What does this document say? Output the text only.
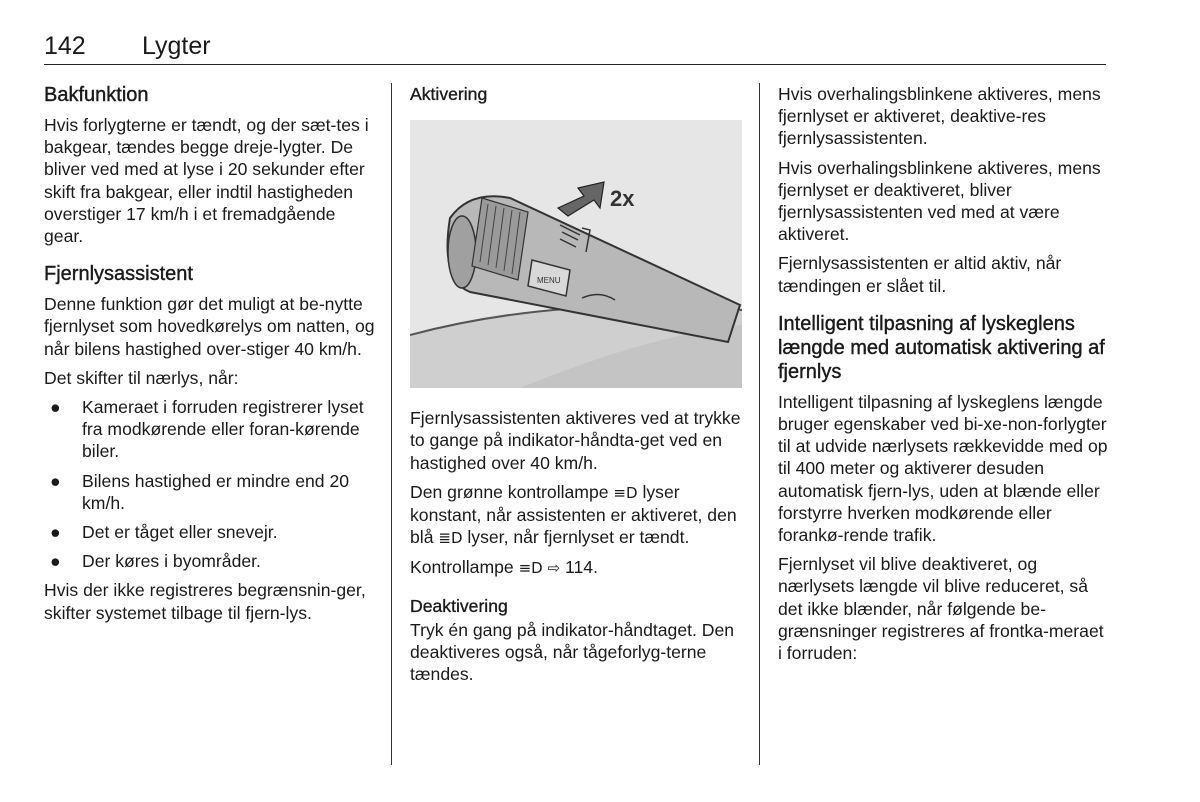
142 Lygter
Bakfunktion

Hvis forlygterne er tændt, og der sæt-tes i bakgear, tændes begge dreje-lygter. De bliver ved med at lyse i 20 sekunder efter skift fra bakgear, eller indtil hastigheden overstiger 17 km/h i et fremadgående gear.

Fjernlysassistent

Denne funktion gør det muligt at be-nytte fjernlyset som hovedkørelys om natten, og når bilens hastighed over-stiger 40 km/h.

Det skifter til nærlys, når:

● Kameraet i forruden registrerer lyset fra modkørende eller foran-kørende biler.
● Bilens hastighed er mindre end 20 km/h.
● Det er tåget eller snevejr.
● Der køres i byområder.

Hvis der ikke registreres begrænsnin-ger, skifter systemet tilbage til fjern-lys.

Aktivering
MENU
2x

Fjernlysassistenten aktiveres ved at trykke to gange på indikator-håndta-get ved en hastighed over 40 km/h.

Den grønne kontrollampe ≡D lyser konstant, når assistenten er aktiveret, den blå ≣D lyser, når fjernlyset er tændt.

Kontrollampe ≡D ⇨ 114.

Deaktivering

Tryk én gang på indikator-håndtaget. Den deaktiveres også, når tågeforlyg-terne tændes.

Hvis overhalingsblinkene aktiveres, mens fjernlyset er aktiveret, deaktive-res fjernlysassistenten.

Hvis overhalingsblinkene aktiveres, mens fjernlyset er deaktiveret, bliver fjernlysassistenten ved med at være aktiveret.

Fjernlysassistenten er altid aktiv, når tændingen er slået til.

Intelligent tilpasning af lyskeglens længde med automatisk aktivering af fjernlys

Intelligent tilpasning af lyskeglens længde bruger egenskaber ved bi-xe-non-forlygter til at udvide nærlysets rækkevidde med op til 400 meter og aktiverer desuden automatisk fjern-lys, uden at blænde eller forstyrre hverken modkørende eller forankø-rende trafik.

Fjernlyset vil blive deaktiveret, og nærlysets længde vil blive reduceret, så det ikke blænder, når følgende be-grænsninger registreres af frontka-meraet i forruden:
